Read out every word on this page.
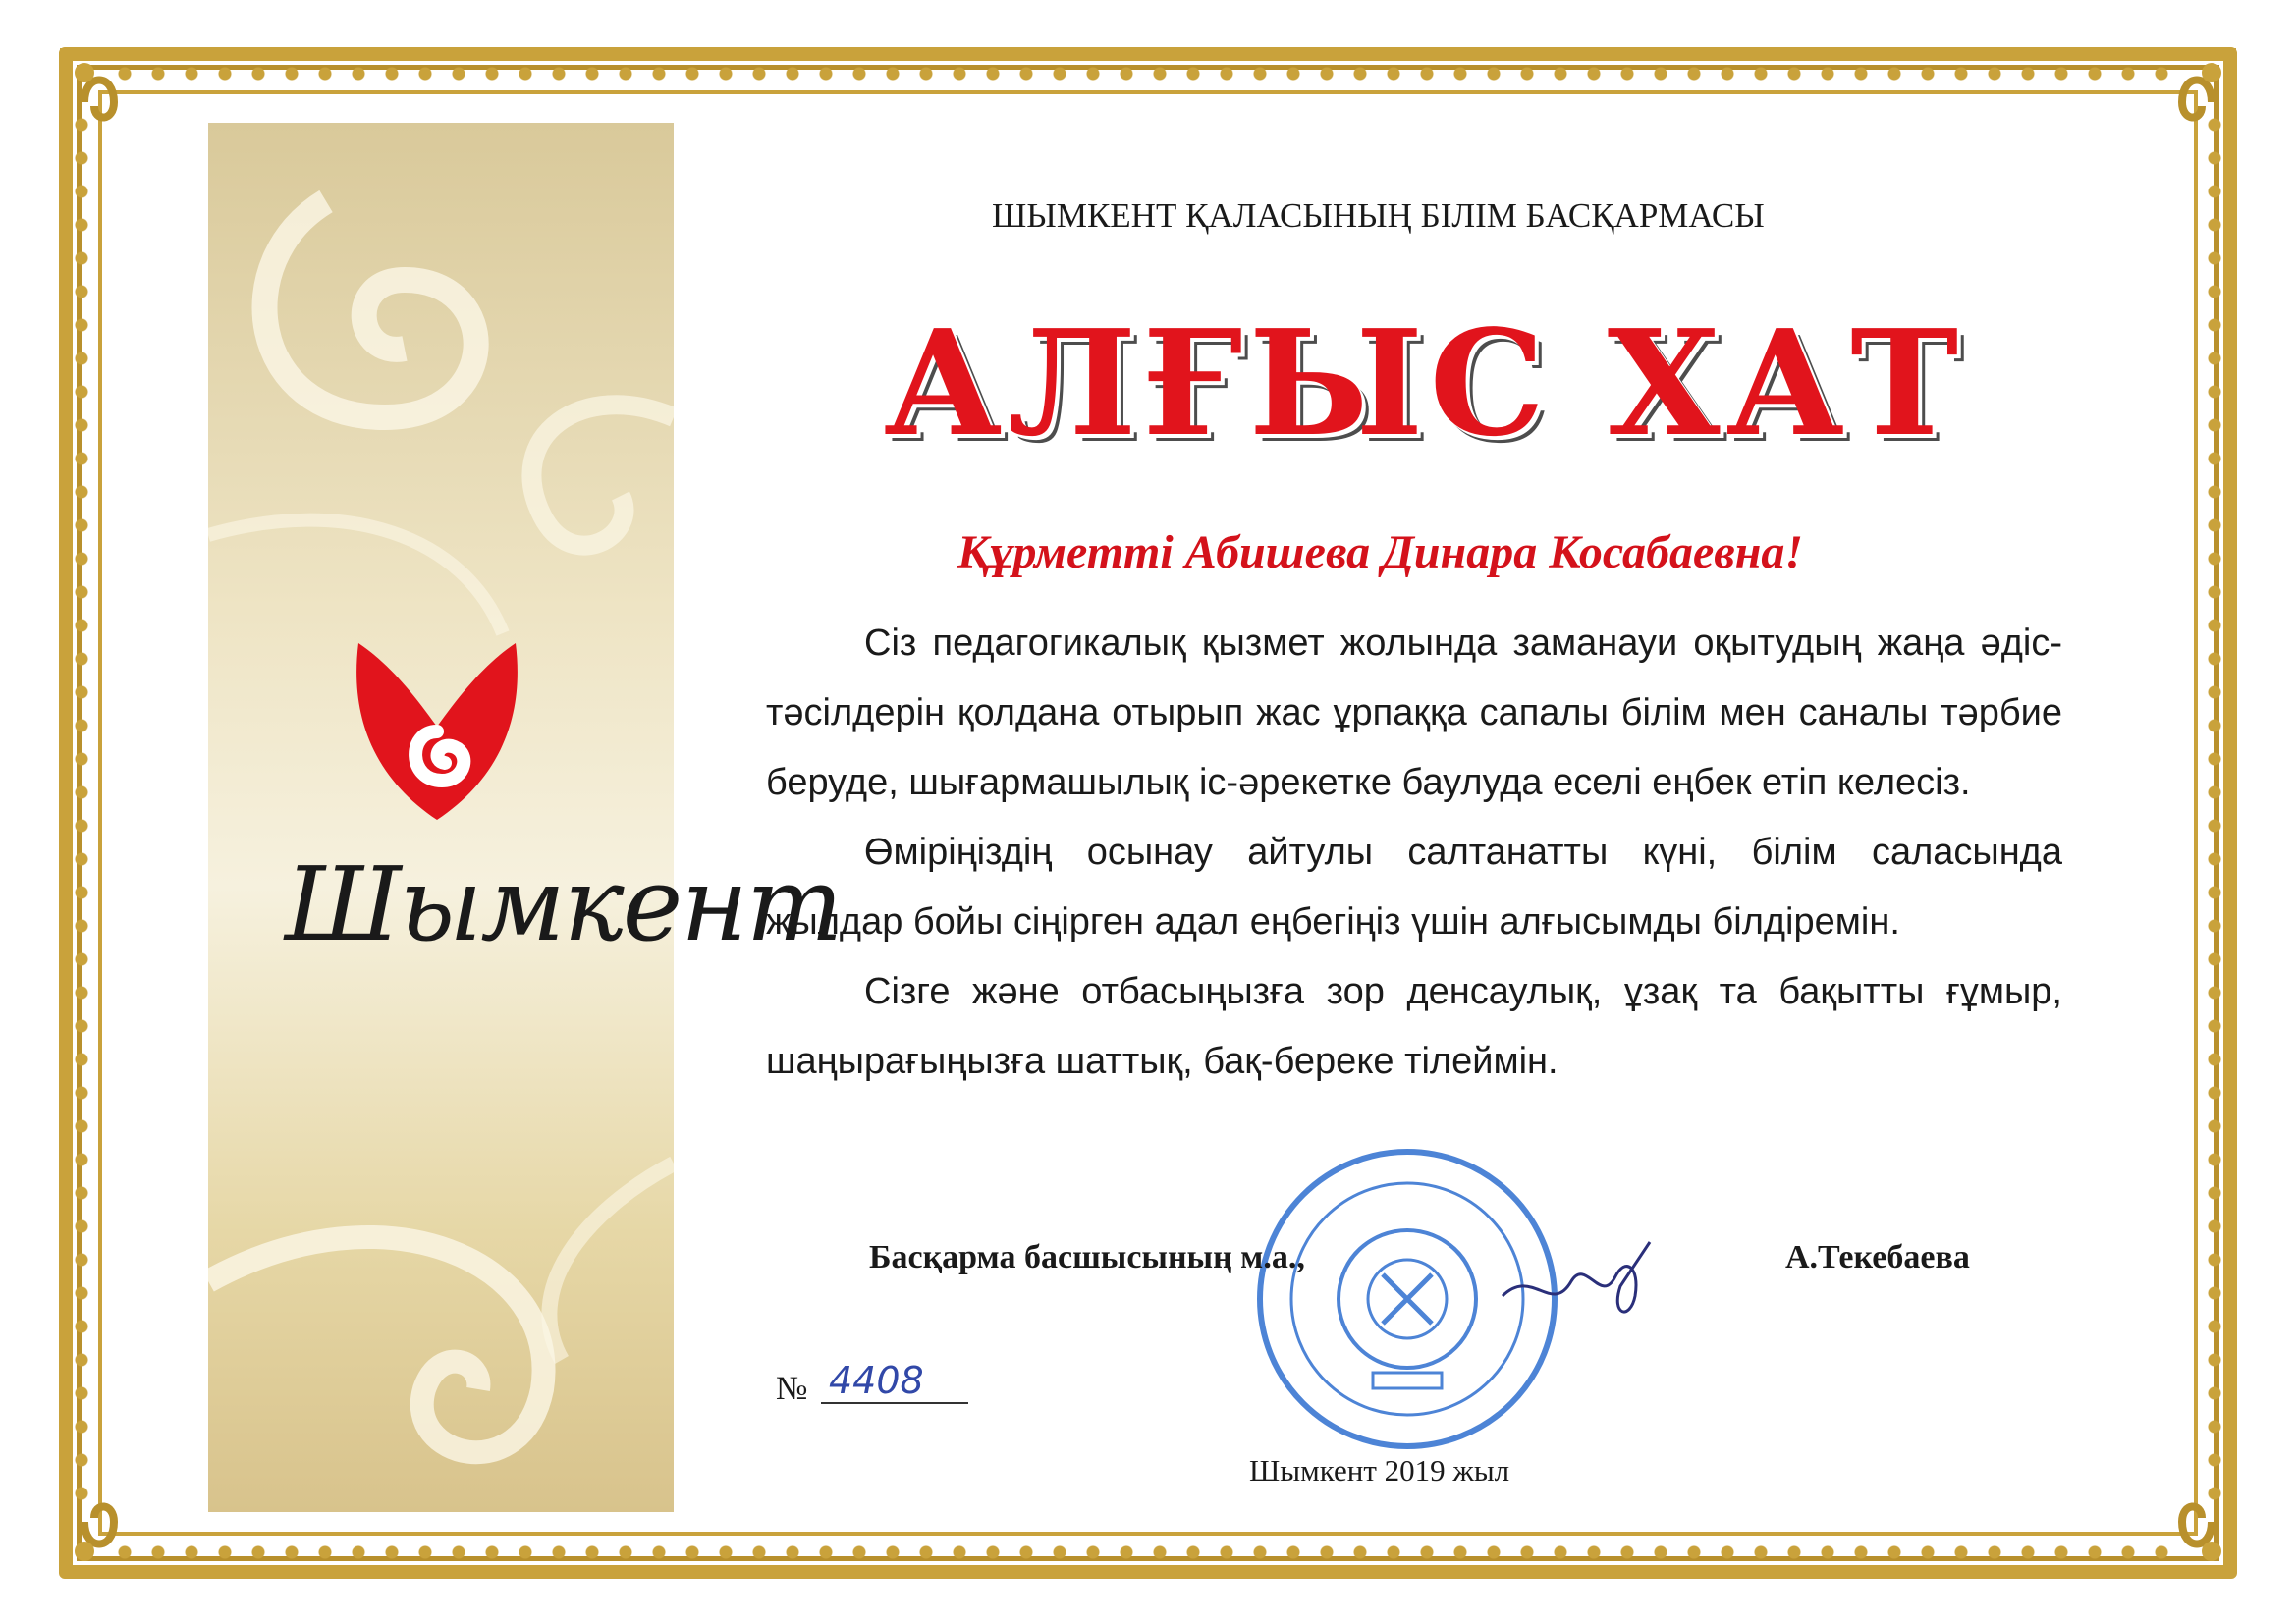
Шымкент
ШЫМКЕНТ ҚАЛАСЫНЫҢ БІЛІМ БАСҚАРМАСЫ
АЛҒЫС ХАТ
Құрметті Абишева Динара Косабаевна!

Сіз педагогикалық қызмет жолында заманауи оқытудың жаңа әдіс-тәсілдерін қолдана отырып жас ұрпаққа сапалы білім мен саналы тәрбие беруде, шығармашылық іс-әрекетке баулуда еселі еңбек етіп келесіз.

Өміріңіздің осынау айтулы салтанатты күні, білім саласында жылдар бойы сіңірген адал еңбегіңіз үшін алғысымды білдіремін.

Сізге және отбасыңызға зор денсаулық, ұзақ та бақытты ғұмыр, шаңырағыңызға шаттық, бақ-береке тілеймін.

Басқарма басшысының м.а.,	А.Текебаева
№ 4408
Шымкент 2019 жыл
